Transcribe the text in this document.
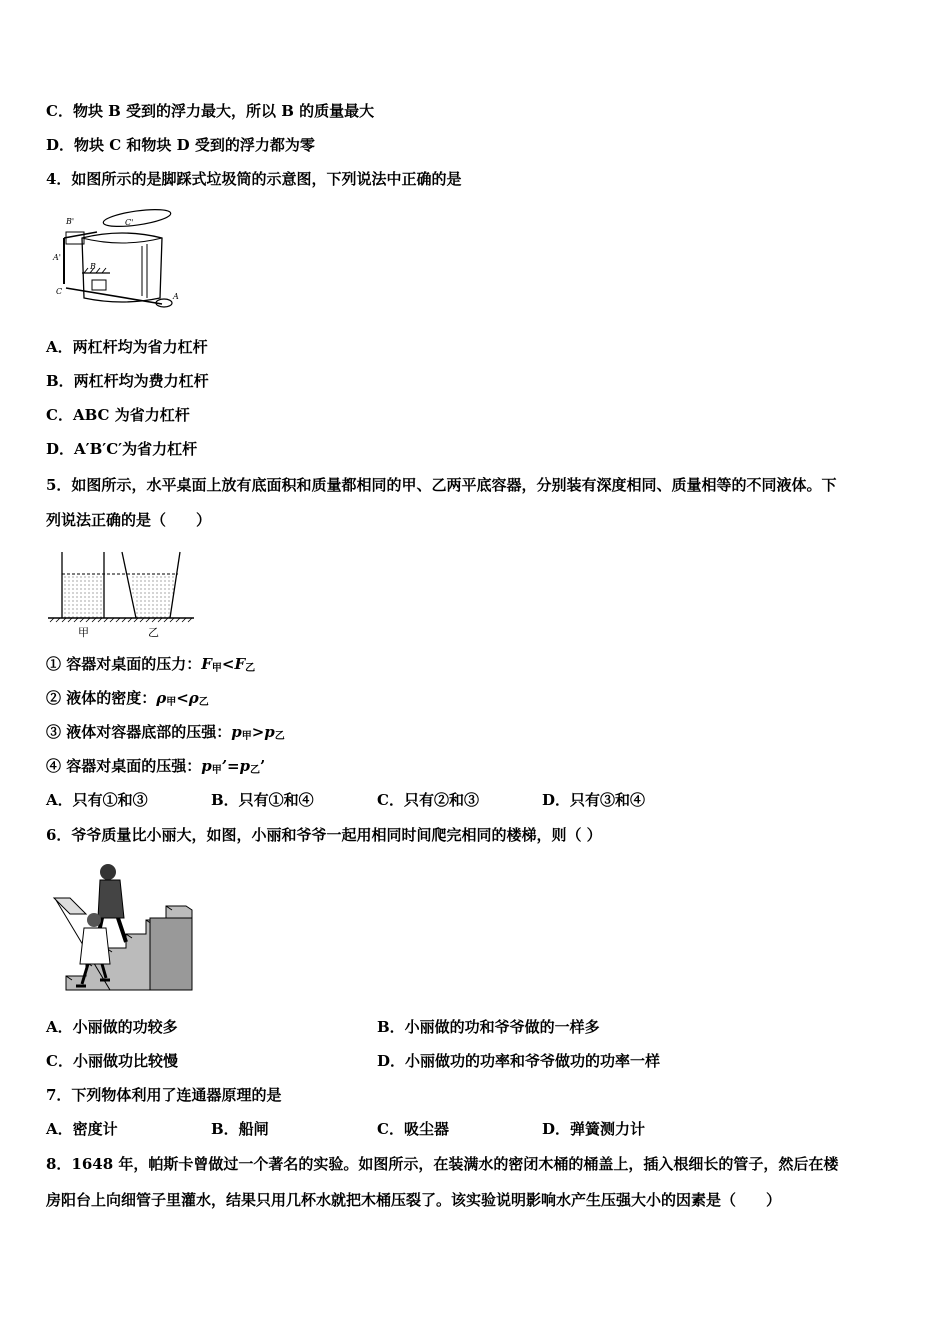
C．物块 B 受到的浮力最大，所以 B 的质量最大
D．物块 C 和物块 D 受到的浮力都为零
4．如图所示的是脚踩式垃圾筒的示意图，下列说法中正确的是
B'	C'
A'
B
C
A
A．两杠杆均为省力杠杆
B．两杠杆均为费力杠杆
C．ABC 为省力杠杆
D．A′B′C′为省力杠杆
5．如图所示，水平桌面上放有底面积和质量都相同的甲、乙两平底容器，分别装有深度相同、质量相等的不同液体。下
列说法正确的是（　　）
甲	乙
① 容器对桌面的压力：$F_甲<F_乙$
② 液体的密度：$\rho_甲<\rho_乙$
③ 液体对容器底部的压强：$p_甲>p_乙$
④ 容器对桌面的压强：$p_甲’=p_乙$’
A．只有①和③	B．只有①和④	C．只有②和③	D．只有③和④
6．爷爷质量比小丽大，如图，小丽和爷爷一起用相同时间爬完相同的楼梯，则（ ）
A．小丽做的功较多	B．小丽做的功和爷爷做的一样多
C．小丽做功比较慢	D．小丽做功的功率和爷爷做功的功率一样
7．下列物体利用了连通器原理的是
A．密度计	B．船闸	C．吸尘器	D．弹簧测力计
8．1648 年，帕斯卡曾做过一个著名的实验。如图所示，在装满水的密闭木桶的桶盖上，插入根细长的管子，然后在楼
房阳台上向细管子里灌水，结果只用几杯水就把木桶压裂了。该实验说明影响水产生压强大小的因素是（　　）
